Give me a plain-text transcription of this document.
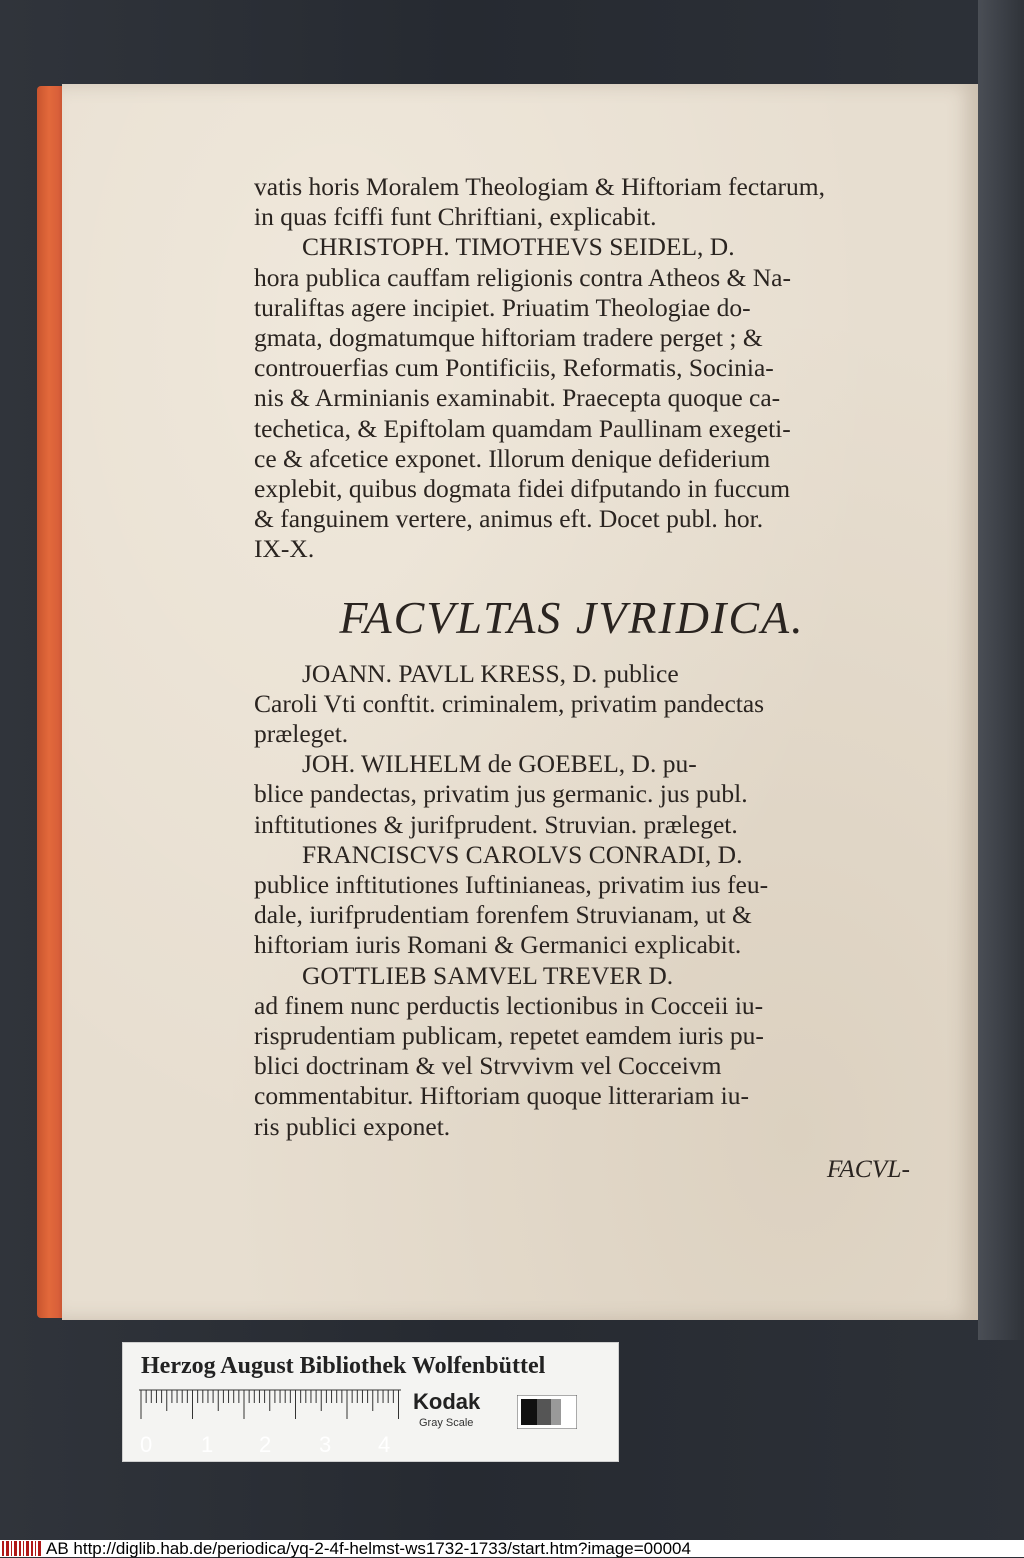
vatis horis Moralem Theologiam & Hiftoriam fectarum,
in quas fciffi funt Chriftiani, explicabit.
CHRISTOPH. TIMOTHEVS SEIDEL, D.
hora publica cauffam religionis contra Atheos & Na-
turaliftas agere incipiet. Priuatim Theologiae do-
gmata, dogmatumque hiftoriam tradere perget ; &
controuerfias cum Pontificiis, Reformatis, Socinia-
nis & Arminianis examinabit. Praecepta quoque ca-
techetica, & Epiftolam quamdam Paullinam exegeti-
ce & afcetice exponet. Illorum denique defiderium
explebit, quibus dogmata fidei difputando in fuccum
& fanguinem vertere, animus eft. Docet publ. hor.
IX-X.
FACVLTAS JVRIDICA.
JOANN. PAVLL KRESS, D. publice
Caroli Vti conftit. criminalem, privatim pandectas
præleget.
JOH. WILHELM de GOEBEL, D. pu-
blice pandectas, privatim jus germanic. jus publ.
inftitutiones & jurifprudent. Struvian. præleget.
FRANCISCVS CAROLVS CONRADI, D.
publice inftitutiones Iuftinianeas, privatim ius feu-
dale, iurifprudentiam forenfem Struvianam, ut &
hiftoriam iuris Romani & Germanici explicabit.
GOTTLIEB SAMVEL TREVER D.
ad finem nunc perductis lectionibus in Cocceii iu-
risprudentiam publicam, repetet eamdem iuris pu-
blici doctrinam & vel Strvvivm vel Cocceivm
commentabitur. Hiftoriam quoque litterariam iu-
ris publici exponet.
FACVL-
Herzog August Bibliothek Wolfenbüttel
Kodak
Gray Scale
0 1 2 3 4
AB http://diglib.hab.de/periodica/yq-2-4f-helmst-ws1732-1733/start.htm?image=00004
